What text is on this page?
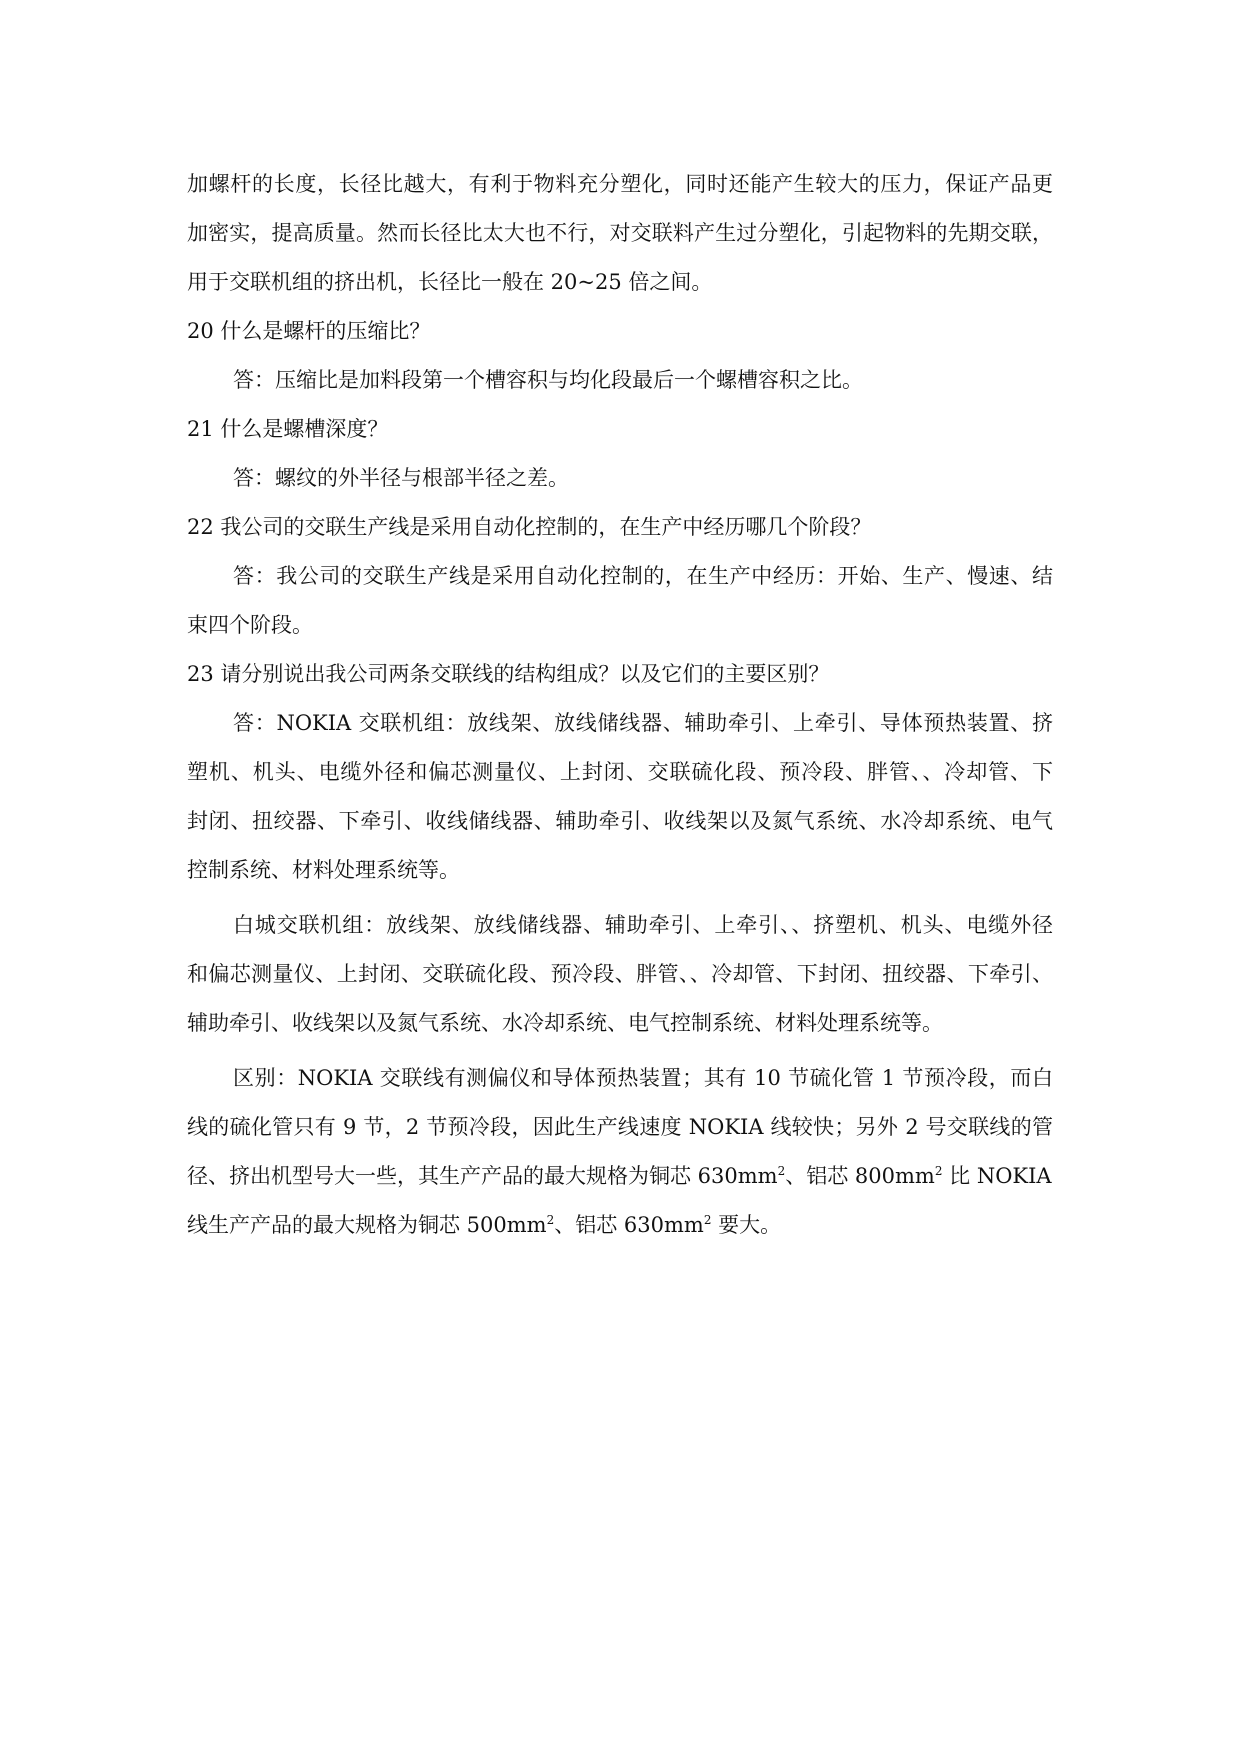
加螺杆的长度，长径比越大，有利于物料充分塑化，同时还能产生较大的压力，保证产品更
加密实，提高质量。然而长径比太大也不行，对交联料产生过分塑化，引起物料的先期交联，
用于交联机组的挤出机，长径比一般在 20~25 倍之间。
20 什么是螺杆的压缩比？
答：压缩比是加料段第一个槽容积与均化段最后一个螺槽容积之比。
21 什么是螺槽深度？
答：螺纹的外半径与根部半径之差。
22 我公司的交联生产线是采用自动化控制的，在生产中经历哪几个阶段？
答：我公司的交联生产线是采用自动化控制的，在生产中经历：开始、生产、慢速、结
束四个阶段。
23 请分别说出我公司两条交联线的结构组成？以及它们的主要区别？
答：NOKIA 交联机组：放线架、放线储线器、辅助牵引、上牵引、导体预热装置、挤
塑机、机头、电缆外径和偏芯测量仪、上封闭、交联硫化段、预冷段、胖管、、冷却管、下
封闭、扭绞器、下牵引、收线储线器、辅助牵引、收线架以及氮气系统、水冷却系统、电气
控制系统、材料处理系统等。
白城交联机组：放线架、放线储线器、辅助牵引、上牵引、、挤塑机、机头、电缆外径
和偏芯测量仪、上封闭、交联硫化段、预冷段、胖管、、冷却管、下封闭、扭绞器、下牵引、
辅助牵引、收线架以及氮气系统、水冷却系统、电气控制系统、材料处理系统等。
区别：NOKIA 交联线有测偏仪和导体预热装置；其有 10 节硫化管 1 节预冷段，而白
线的硫化管只有 9 节，2 节预冷段，因此生产线速度 NOKIA 线较快；另外 2 号交联线的管
径、挤出机型号大一些，其生产产品的最大规格为铜芯 $630mm^2$、铝芯 $800mm^2$ 比 NOKIA
线生产产品的最大规格为铜芯 $500mm^2$、铝芯 $630mm^2$ 要大。
